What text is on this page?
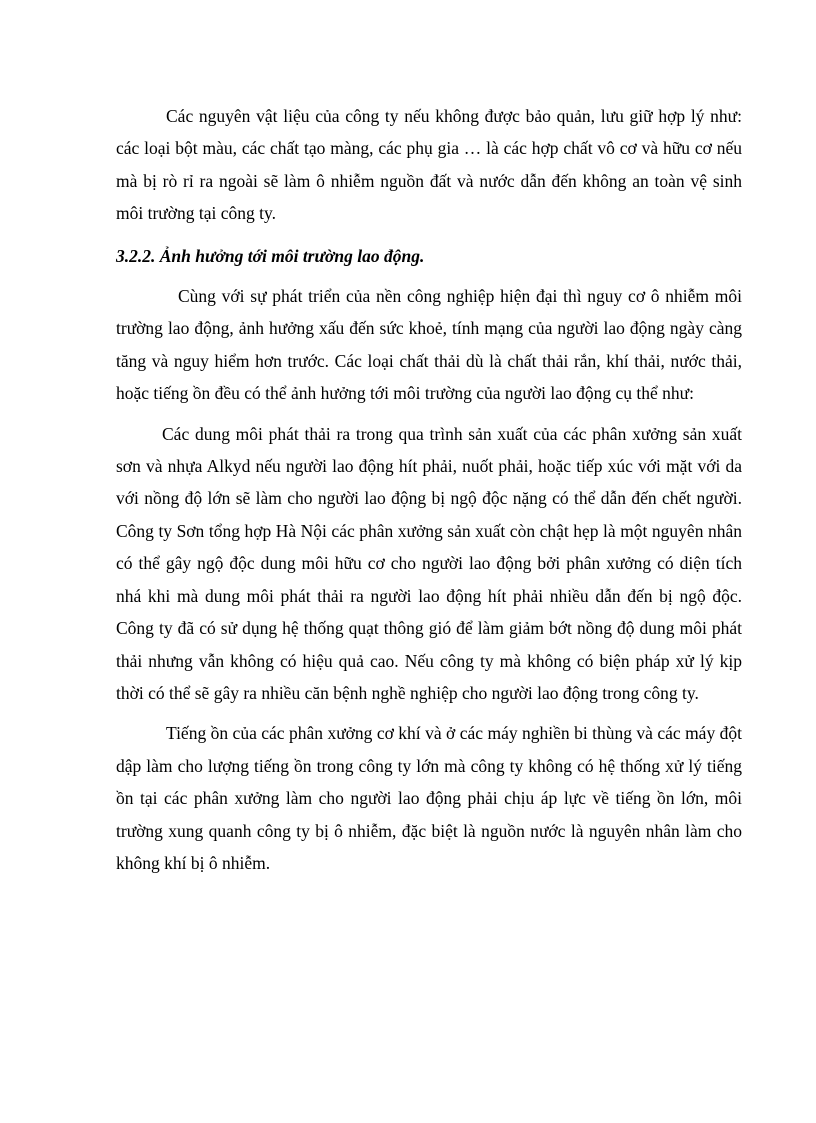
Các nguyên vật liệu của công ty nếu không được bảo quản, lưu giữ hợp lý như: các loại bột màu, các chất tạo màng, các phụ gia … là các hợp chất vô cơ và hữu cơ nếu mà bị rò rỉ ra ngoài sẽ làm ô nhiễm nguồn đất và nước dẫn đến không an toàn vệ sinh môi trường tại công ty.

3.2.2. Ảnh hưởng tới môi trường lao động.

Cùng với sự phát triển của nền công nghiệp hiện đại thì nguy cơ ô nhiễm môi trường lao động, ảnh hưởng xấu đến sức khoẻ, tính mạng của người lao động ngày càng tăng và nguy hiểm hơn trước. Các loại chất thải dù là chất thải rắn, khí thải, nước thải, hoặc tiếng ồn đều có thể ảnh hưởng tới môi trường của người lao động cụ thể như:

Các dung môi phát thải ra trong qua trình sản xuất của các phân xưởng sản xuất sơn và nhựa Alkyd nếu người lao động hít phải, nuốt phải, hoặc tiếp xúc với mặt với da với nồng độ lớn sẽ làm cho người lao động bị ngộ độc nặng có thể dẫn đến chết người. Công ty Sơn tổng hợp Hà Nội các phân xưởng sản xuất còn chật hẹp là một nguyên nhân có thể gây ngộ độc dung môi hữu cơ cho người lao động bởi phân xưởng có diện tích nhá khi mà dung môi phát thải ra người lao động hít phải nhiều dẫn đến bị ngộ độc. Công ty đã có sử dụng hệ thống quạt thông gió để làm giảm bớt nồng độ dung môi phát thải nhưng vẫn không có hiệu quả cao. Nếu công ty mà không có biện pháp xử lý kịp thời có thể sẽ gây ra nhiều căn bệnh nghề nghiệp cho người lao động trong công ty.

Tiếng ồn của các phân xưởng cơ khí và ở các máy nghiền bi thùng và các máy đột dập làm cho lượng tiếng ồn trong công ty lớn mà công ty không có hệ thống xử lý tiếng ồn tại các phân xưởng làm cho người lao động phải chịu áp lực về tiếng ồn lớn, môi trường xung quanh công ty bị ô nhiễm, đặc biệt là nguồn nước là nguyên nhân làm cho không khí bị ô nhiễm.
